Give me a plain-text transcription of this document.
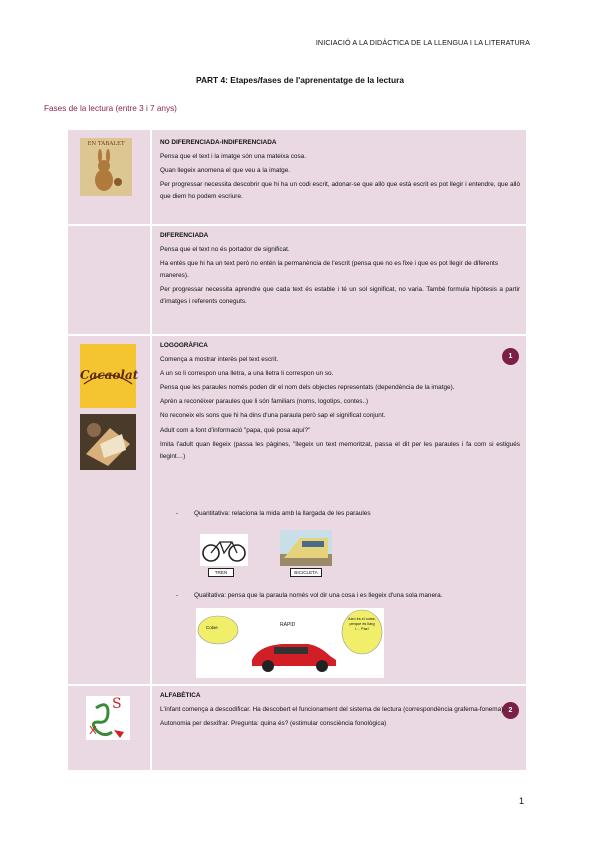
INICIACIÓ A LA DIDÀCTICA DE LA LLENGUA I LA LITERATURA
PART 4: Etapes/fases de l'aprenentatge de la lectura
Fases de la lectura (entre 3 i 7 anys)
EN TABALET	NO DIFERENCIADA-INDIFERENCIADA

Pensa que el text i la imatge són una mateixa cosa.

Quan llegeix anomena el que veu a la imatge.

Per progressar necessita descobrir que hi ha un codi escrit, adonar-se que allò que està escrit es pot llegir i entendre, que allò que diem ho podem escriure.

DIFERENCIADA

Pensa que el text no és portador de significat.

Ha entès que hi ha un text però no entén la permanència de l'escrit (pensa que no es fixe i que es pot llegir de diferents maneres).

Per progressar necessita aprendre que cada text és estable i té un sol significat, no varia. També formula hipòtesis a partir d'imatges i referents coneguts.

Cacaolat
1

LOGOGRÀFICA

Comença a mostrar interès pel text escrit.

A un so li correspon una lletra, a una lletra li correspon un so.

Pensa que les paraules només poden dir el nom dels objectes representats (dependència de la imatge).

Aprèn a reconèixer paraules que li són familiars (noms, logotips, contes..)

No reconeix els sons que hi ha dins d'una paraula però sap el significat conjunt.

Adult com a font d'informació "papa, què posa aquí?"

Imita l'adult quan llegeix (passa les pàgines, "llegeix un text memoritzat, passa el dit per les paraules i fa com si estigués llegint…)

- Quantitativa: relaciona la mida amb la llargada de les paraules
TREN	BICICLETA
- Qualitativa: pensa que la paraula només vol dir una cosa i es llegeix d'una sola manera.
Cotxe	RÀPID
Això és el cotxe, perquè és llarg i… Pas!
S	2

ALFABÈTICA

L'infant comença a descodificar. Ha descobert el funcionament del sistema de lectura (correspondència grafema-fonema).

Autonomia per desxifrar. Pregunta: quina és? (estimular consciència fonològica)

1
